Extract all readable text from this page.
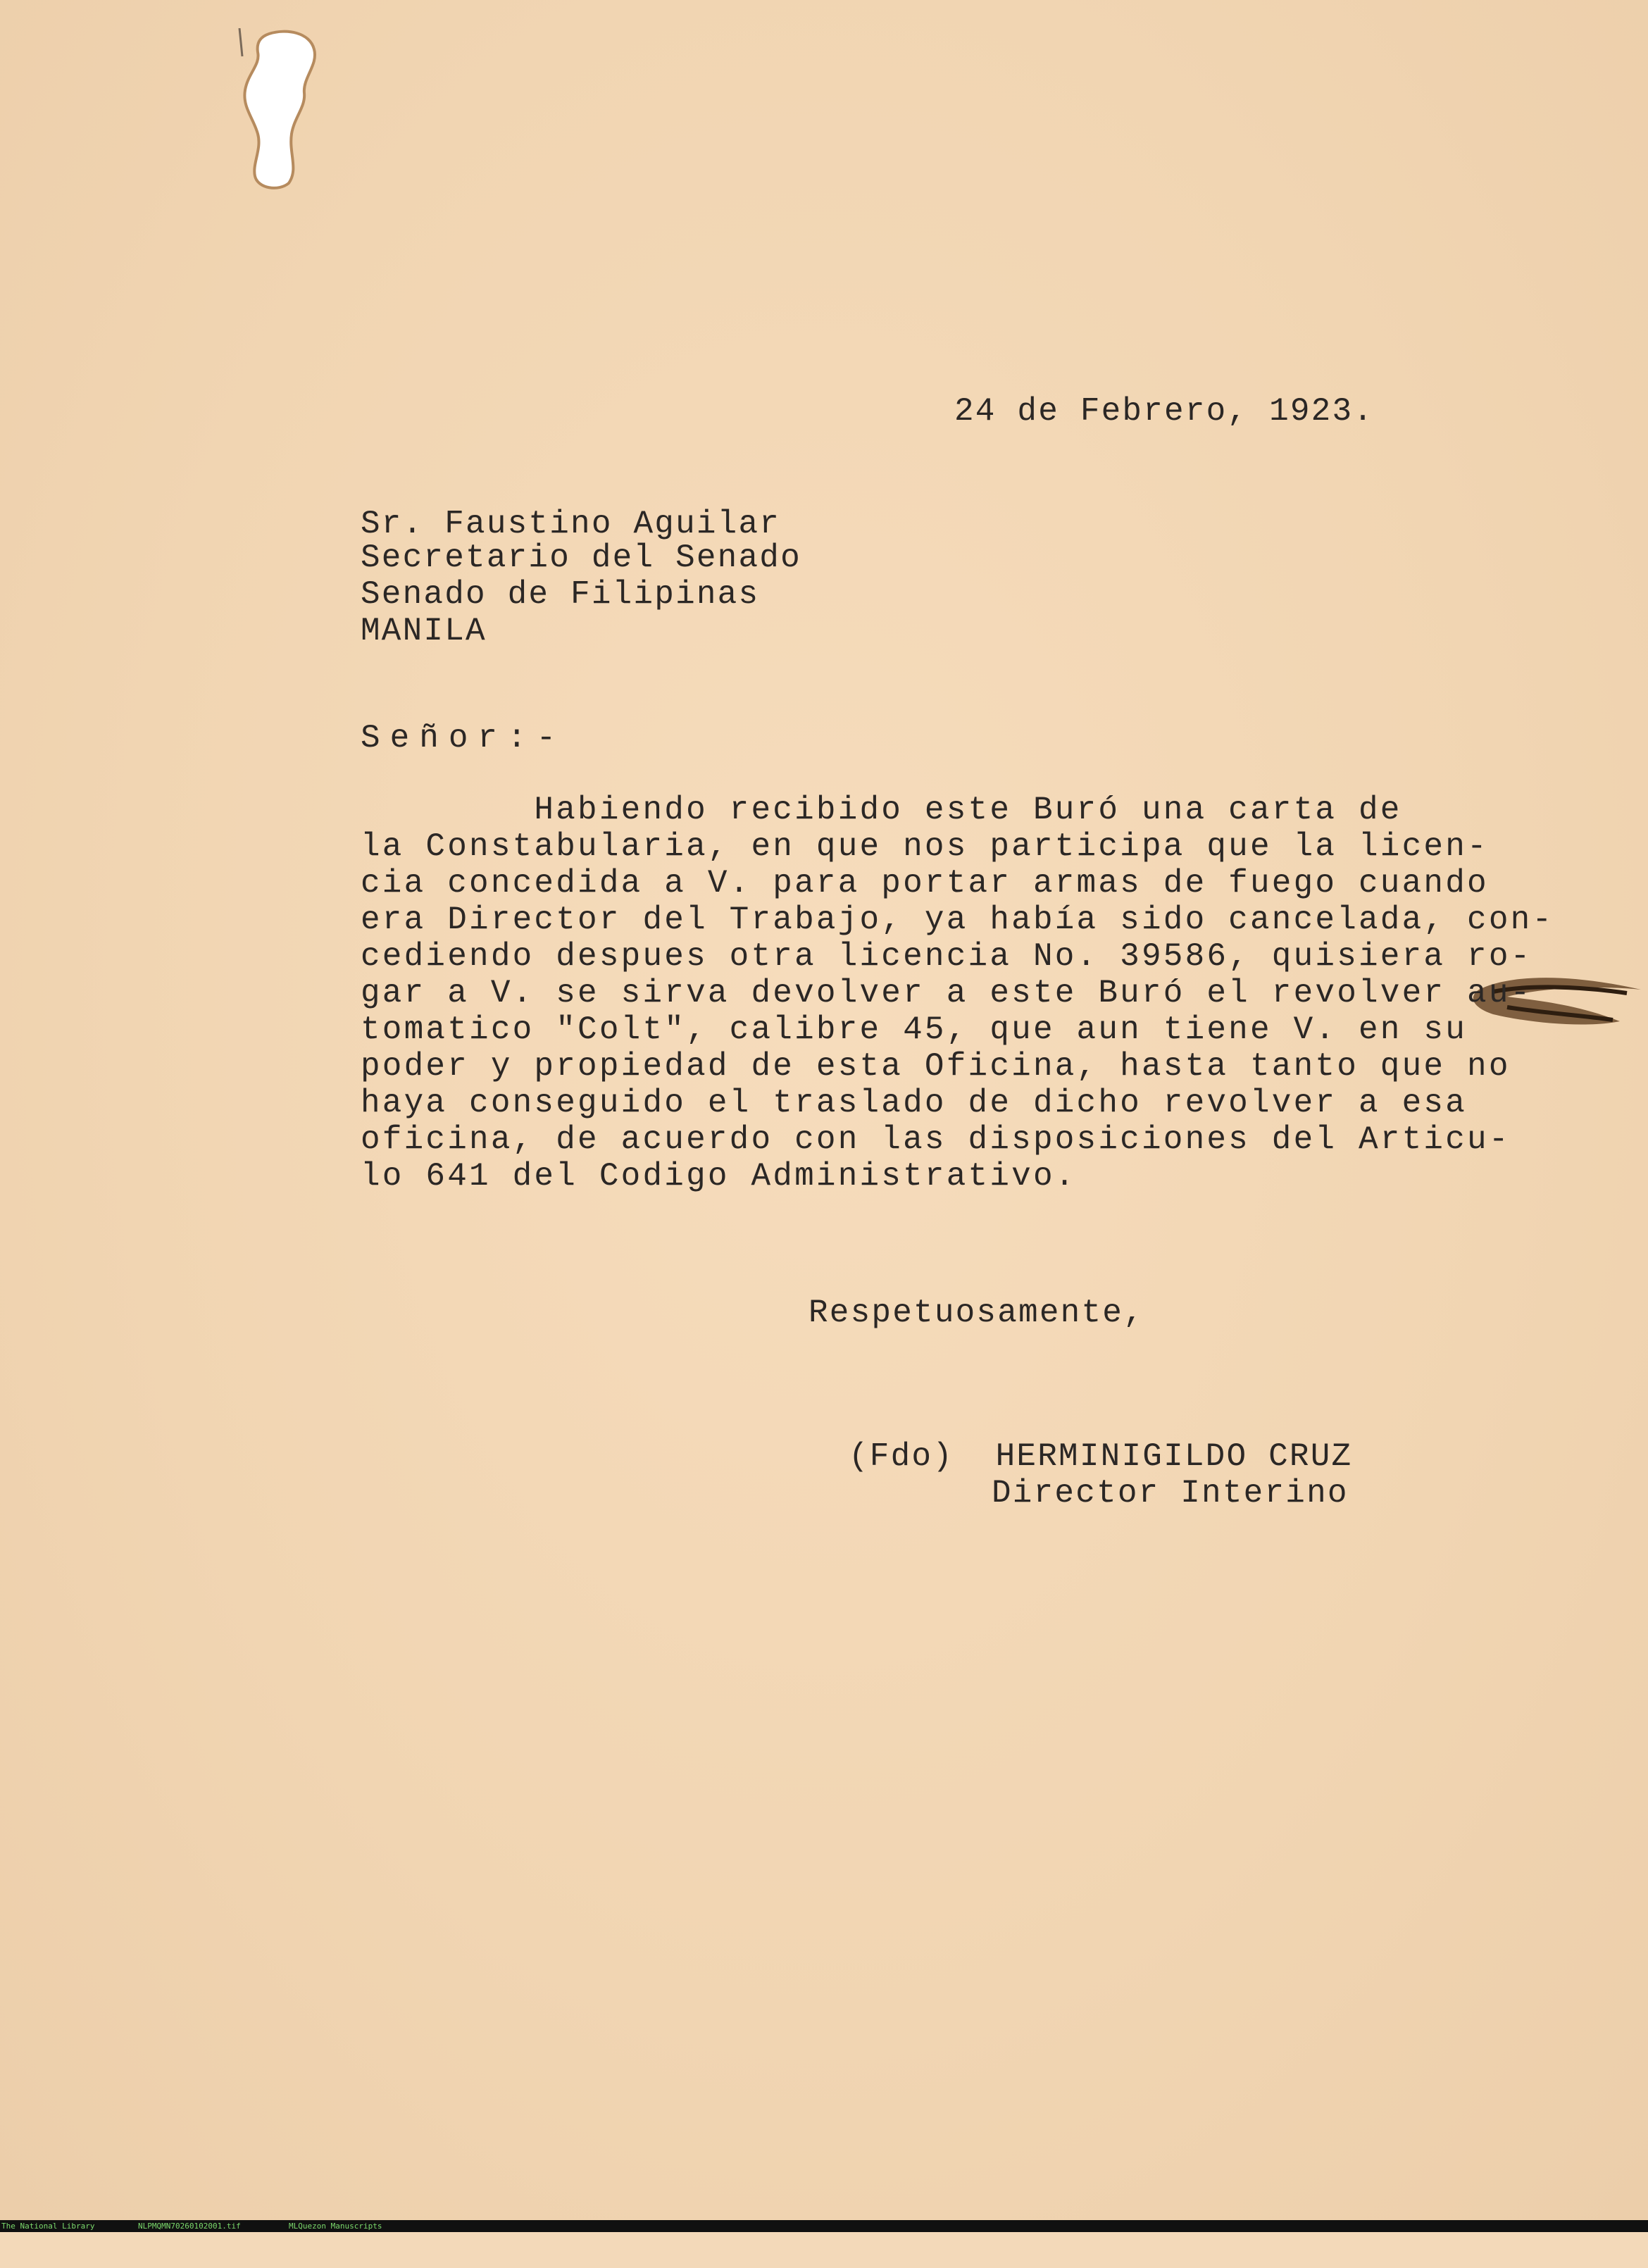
24 de Febrero, 1923.
Sr. Faustino Aguilar
Secretario del Senado
Senado de Filipinas
MANILA
Señor:-
Habiendo recibido este Buró una carta de
la Constabularia, en que nos participa que la licen-
cia concedida a V. para portar armas de fuego cuando
era Director del Trabajo, ya había sido cancelada, con-
cediendo despues otra licencia No. 39586, quisiera ro-
gar a V. se sirva devolver a este Buró el revolver au-
tomatico "Colt", calibre 45, que aun tiene V. en su
poder y propiedad de esta Oficina, hasta tanto que no
haya conseguido el traslado de dicho revolver a esa
oficina, de acuerdo con las disposiciones del Articu-
lo 641 del Codigo Administrativo.
Respetuosamente,
(Fdo)  HERMINIGILDO CRUZ
Director Interino

The National Library

	NLPMQMN70260102001.tif

	MLQuezon Manuscripts
